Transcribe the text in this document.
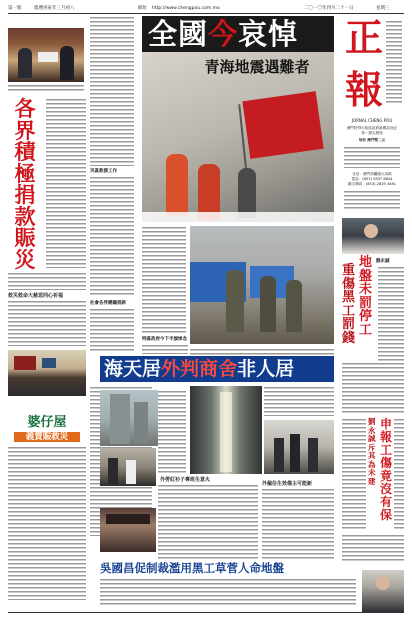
第一版	農曆庚寅年三月初八	網址 http://www.chengpou.com.mo	二〇一〇年四月二十一日	星期三
各
界
積
極
捐
款
賑
災
救災救命大慈悲同心祈福
婆仔屋
義賣賑救災
災區救援工作
社會各界踴躍捐款
全國今哀悼
青海地震遇難者
正
報
JORNAL CHENG POU
澳門特別行政區政府新聞局登記
第一類出版物
每份 澳門幣二元
社址：澳門荷蘭園大馬路
電話：(853) 2837 8844
圖文傳真：(853) 2835 4481
特區政府今下半旗悼念
海天居外判商舍非人居
外勞紅衫子專班生意火
外僱住生效備主可能新
地盤未罰停工
重傷黑工罰錢
劉永誠
申報工傷竟沒有保
劉永誠斥其為未建
吳國昌促制裁濫用黑工草菅人命地盤
